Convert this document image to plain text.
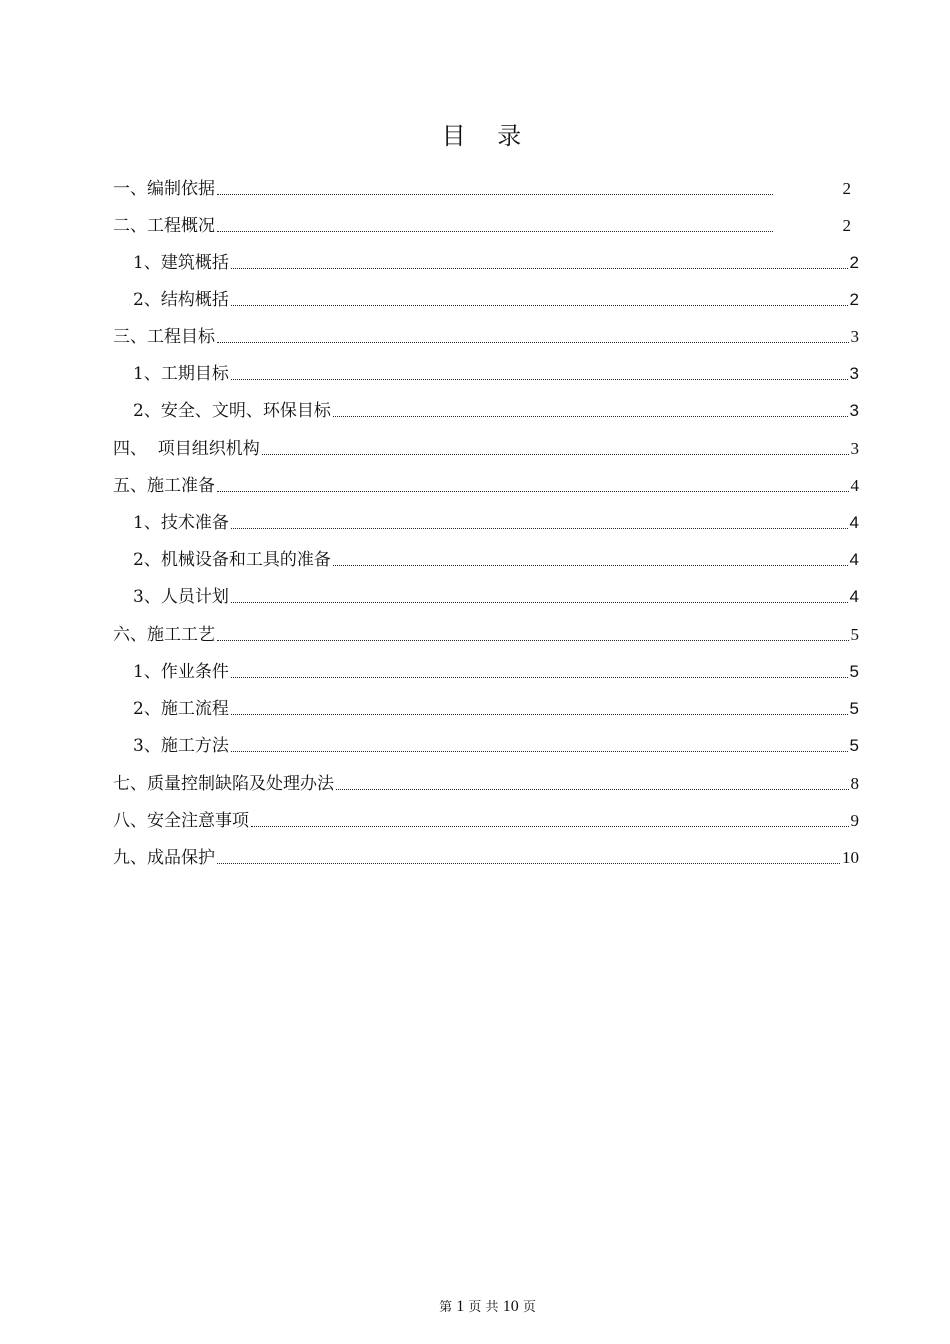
目 录
一、编制依据	2
二、工程概况	2
1、建筑概括	2
2、结构概括	2
三、工程目标	3
1、工期目标	3
2、安全、文明、环保目标	3
四、  项目组织机构	3
五、施工准备	4
1、技术准备	4
2、机械设备和工具的准备	4
3、人员计划	4
六、施工工艺	5
1、作业条件	5
2、施工流程	5
3、施工方法	5
七、质量控制缺陷及处理办法	8
八、安全注意事项	9
九、成品保护	10
第 1 页 共 10 页
